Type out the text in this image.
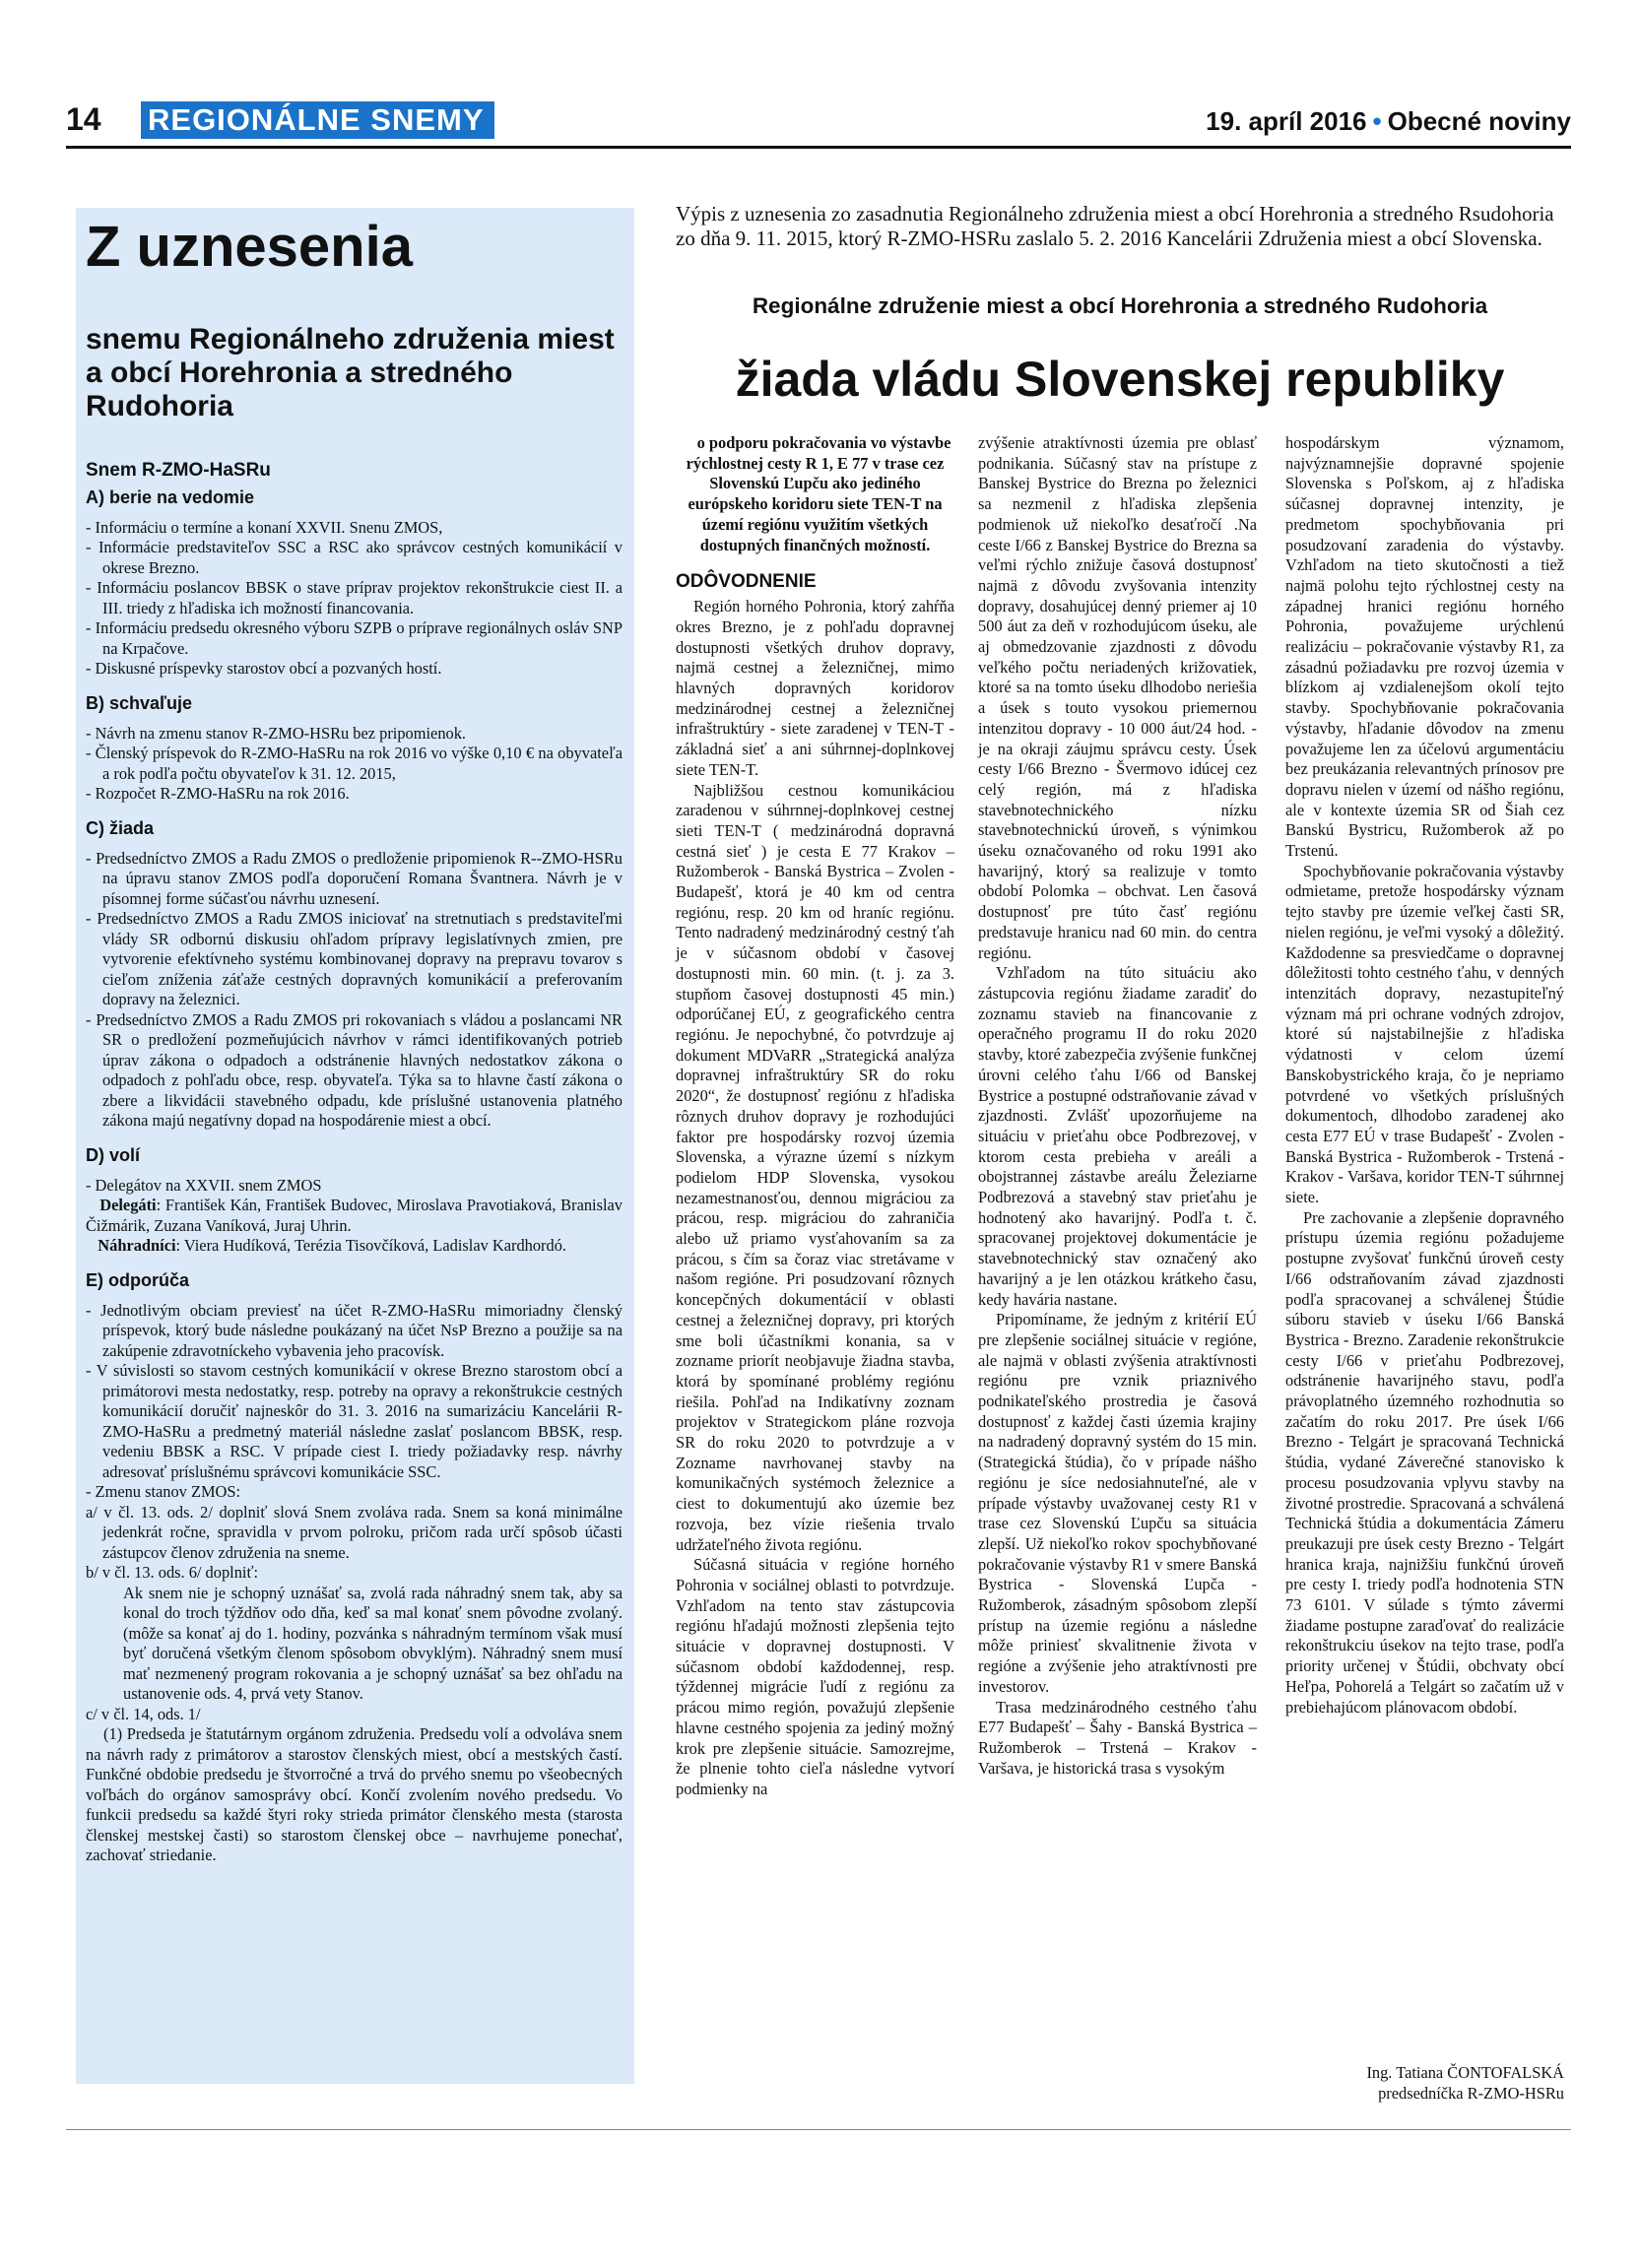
14 REGIONÁLNE SNEMY	19. apríl 2016 • Obecné noviny
Z uznesenia
snemu Regionálneho združenia miest a obcí Horehronia a stredného Rudohoria
Snem R-ZMO-HaSRu
A) berie na vedomie
- Informáciu o termíne a konaní XXVII. Snenu ZMOS,
- Informácie predstaviteľov SSC a RSC ako správcov cestných komunikácií v okrese Brezno.
- Informáciu poslancov BBSK o stave príprav projektov rekonštrukcie ciest II. a III. triedy z hľadiska ich možností financovania.
- Informáciu predsedu okresného výboru SZPB o príprave regionálnych osláv SNP na Krpačove.
- Diskusné príspevky starostov obcí a pozvaných hostí.
B) schvaľuje
- Návrh na zmenu stanov R-ZMO-HSRu bez pripomienok.
- Členský príspevok do R-ZMO-HaSRu na rok 2016 vo výške 0,10 € na obyvateľa a rok podľa počtu obyvateľov k 31. 12. 2015,
- Rozpočet R-ZMO-HaSRu na rok 2016.
C) žiada
- Predsedníctvo ZMOS a Radu ZMOS o predloženie pripomienok R--ZMO-HSRu na úpravu stanov ZMOS podľa doporučení Romana Švantnera. Návrh je v písomnej forme súčasťou návrhu uznesení.
- Predsedníctvo ZMOS a Radu ZMOS iniciovať na stretnutiach s predstaviteľmi vlády SR odbornú diskusiu ohľadom prípravy legislatívnych zmien, pre vytvorenie efektívneho systému kombinovanej dopravy na prepravu tovarov s cieľom zníženia záťaže cestných dopravných komunikácií a preferovaním dopravy na železnici.
- Predsedníctvo ZMOS a Radu ZMOS pri rokovaniach s vládou a poslancami NR SR o predložení pozmeňujúcich návrhov v rámci identifikovaných potrieb úprav zákona o odpadoch a odstránenie hlavných nedostatkov zákona o odpadoch z pohľadu obce, resp. obyvateľa. Týka sa to hlavne častí zákona o zbere a likvidácii stavebného odpadu, kde príslušné ustanovenia platného zákona majú negatívny dopad na hospodárenie miest a obcí.
D) volí
- Delegátov na XXVII. snem ZMOS
Delegáti: František Kán, František Budovec, Miroslava Pravotiaková, Branislav Čižmárik, Zuzana Vaníková, Juraj Uhrin.
Náhradníci: Viera Hudíková, Terézia Tisovčíková, Ladislav Kardhordó.
E) odporúča
- Jednotlivým obciam previesť na účet R-ZMO-HaSRu mimoriadny členský príspevok, ktorý bude následne poukázaný na účet NsP Brezno a použije sa na zakúpenie zdravotníckeho vybavenia jeho pracovísk.
- V súvislosti so stavom cestných komunikácií v okrese Brezno starostom obcí a primátorovi mesta nedostatky, resp. potreby na opravy a rekonštrukcie cestných komunikácií doručiť najneskôr do 31. 3. 2016 na sumarizáciu Kancelárii R-ZMO-HaSRu a predmetný materiál následne zaslať poslancom BBSK, resp. vedeniu BBSK a RSC. V prípade ciest I. triedy požiadavky resp. návrhy adresovať príslušnému správcovi komunikácie SSC.
- Zmenu stanov ZMOS:
a/ v čl. 13. ods. 2/ doplniť slová Snem zvoláva rada. Snem sa koná minimálne jedenkrát ročne, spravidla v prvom polroku, pričom rada určí spôsob účasti zástupcov členov združenia na sneme.
b/ v čl. 13. ods. 6/ doplniť:
Ak snem nie je schopný uznášať sa, zvolá rada náhradný snem tak, aby sa konal do troch týždňov odo dňa, keď sa mal konať snem pôvodne zvolaný.(môže sa konať aj do 1. hodiny, pozvánka s náhradným termínom však musí byť doručená všetkým členom spôsobom obvyklým). Náhradný snem musí mať nezmenený program rokovania a je schopný uznášať sa bez ohľadu na ustanovenie ods. 4, prvá vety Stanov.
c/ v čl. 14, ods. 1/
(1) Predseda je štatutárnym orgánom združenia. Predsedu volí a odvoláva snem na návrh rady z primátorov a starostov členských miest, obcí a mestských častí. Funkčné obdobie predsedu je štvorročné a trvá do prvého snemu po všeobecných voľbách do orgánov samosprávy obcí. Končí zvolením nového predsedu. Vo funkcii predsedu sa každé štyri roky strieda primátor členského mesta (starosta členskej mestskej časti) so starostom členskej obce – navrhujeme ponechať, zachovať striedanie.
Výpis z uznesenia zo zasadnutia Regionálneho združenia miest a obcí Horehronia a stredného Rsudohoria zo dňa 9. 11. 2015, ktorý R-ZMO-HSRu zaslalo 5. 2. 2016 Kancelárii Združenia miest a obcí Slovenska.
Regionálne združenie miest a obcí Horehronia a stredného Rudohoria
žiada vládu Slovenskej republiky

o podporu pokračovania vo výstavbe rýchlostnej cesty R 1, E 77 v trase cez Slovenskú Ľupču ako jediného európskeho koridoru siete TEN-T na území regiónu využitím všetkých dostupných finančných možností.

ODÔVODNENIE

Región horného Pohronia, ktorý zahŕňa okres Brezno, je z pohľadu dopravnej dostupnosti všetkých druhov dopravy, najmä cestnej a železničnej, mimo hlavných dopravných koridorov medzinárodnej cestnej a železničnej infraštruktúry - siete zaradenej v TEN-T - základná sieť a ani súhrnnej-doplnkovej siete TEN-T.

Najbližšou cestnou komunikáciou zaradenou v súhrnnej-doplnkovej cestnej sieti TEN-T ( medzinárodná dopravná cestná sieť ) je cesta E 77 Krakov – Ružomberok - Banská Bystrica – Zvolen - Budapešť, ktorá je 40 km od centra regiónu, resp. 20 km od hraníc regiónu. Tento nadradený medzinárodný cestný ťah je v súčasnom období v časovej dostupnosti min. 60 min. (t. j. za 3. stupňom časovej dostupnosti 45 min.) odporúčanej EÚ, z geografického centra regiónu. Je nepochybné, čo potvrdzuje aj dokument MDVaRR „Strategická analýza dopravnej infraštruktúry SR do roku 2020“, že dostupnosť regiónu z hľadiska rôznych druhov dopravy je rozhodujúci faktor pre hospodársky rozvoj územia Slovenska, a výrazne území s nízkym podielom HDP Slovenska, vysokou nezamestnanosťou, dennou migráciou za prácou, resp. migráciou do zahraničia alebo už priamo vysťahovaním sa za prácou, s čím sa čoraz viac stretávame v našom regióne. Pri posudzovaní rôznych koncepčných dokumentácií v oblasti cestnej a železničnej dopravy, pri ktorých sme boli účastníkmi konania, sa v zozname priorít neobjavuje žiadna stavba, ktorá by spomínané problémy regiónu riešila. Pohľad na Indikatívny zoznam projektov v Strategickom pláne rozvoja SR do roku 2020 to potvrdzuje a v Zozname navrhovanej stavby na komunikačných systémoch železnice a ciest to dokumentujú ako územie bez rozvoja, bez vízie riešenia trvalo udržateľného života regiónu.

Súčasná situácia v regióne horného Pohronia v sociálnej oblasti to potvrdzuje. Vzhľadom na tento stav zástupcovia regiónu hľadajú možnosti zlepšenia tejto situácie v dopravnej dostupnosti. V súčasnom období každodennej, resp. týždennej migrácie ľudí z regiónu za prácou mimo región, považujú zlepšenie hlavne cestného spojenia za jediný možný krok pre zlepšenie situácie. Samozrejme, že plnenie tohto cieľa následne vytvorí podmienky na

zvýšenie atraktívnosti územia pre oblasť podnikania. Súčasný stav na prístupe z Banskej Bystrice do Brezna po železnici sa nezmenil z hľadiska zlepšenia podmienok už niekoľko desaťročí .Na ceste I/66 z Banskej Bystrice do Brezna sa veľmi rýchlo znižuje časová dostupnosť najmä z dôvodu zvyšovania intenzity dopravy, dosahujúcej denný priemer aj 10 500 áut za deň v rozhodujúcom úseku, ale aj obmedzovanie zjazdnosti z dôvodu veľkého počtu neriadených križovatiek, ktoré sa na tomto úseku dlhodobo neriešia a úsek s touto vysokou priemernou intenzitou dopravy - 10 000 áut/24 hod. - je na okraji záujmu správcu cesty. Úsek cesty I/66 Brezno - Švermovo idúcej cez celý región, má z hľadiska stavebnotechnického nízku stavebnotechnickú úroveň, s výnimkou úseku označovaného od roku 1991 ako havarijný, ktorý sa realizuje v tomto období Polomka – obchvat. Len časová dostupnosť pre túto časť regiónu predstavuje hranicu nad 60 min. do centra regiónu.

Vzhľadom na túto situáciu ako zástupcovia regiónu žiadame zaradiť do zoznamu stavieb na financovanie z operačného programu II do roku 2020 stavby, ktoré zabezpečia zvýšenie funkčnej úrovni celého ťahu I/66 od Banskej Bystrice a postupné odstraňovanie závad v zjazdnosti. Zvlášť upozorňujeme na situáciu v prieťahu obce Podbrezovej, v ktorom cesta prebieha v areáli a obojstrannej zástavbe areálu Železiarne Podbrezová a stavebný stav prieťahu je hodnotený ako havarijný. Podľa t. č. spracovanej projektovej dokumentácie je stavebnotechnický stav označený ako havarijný a je len otázkou krátkeho času, kedy havária nastane.

Pripomíname, že jedným z kritérií EÚ pre zlepšenie sociálnej situácie v regióne, ale najmä v oblasti zvýšenia atraktívnosti regiónu pre vznik priaznivého podnikateľského prostredia je časová dostupnosť z každej časti územia krajiny na nadradený dopravný systém do 15 min. (Strategická štúdia), čo v prípade nášho regiónu je síce nedosiahnuteľné, ale v prípade výstavby uvažovanej cesty R1 v trase cez Slovenskú Ľupču sa situácia zlepší. Už niekoľko rokov spochybňované pokračovanie výstavby R1 v smere Banská Bystrica - Slovenská Ľupča - Ružomberok, zásadným spôsobom zlepší prístup na územie regiónu a následne môže priniesť skvalitnenie života v regióne a zvýšenie jeho atraktívnosti pre investorov.

Trasa medzinárodného cestného ťahu E77 Budapešť – Šahy - Banská Bystrica – Ružomberok – Trstená – Krakov - Varšava, je historická trasa s vysokým

hospodárskym významom, najvýznamnejšie dopravné spojenie Slovenska s Poľskom, aj z hľadiska súčasnej dopravnej intenzity, je predmetom spochybňovania pri posudzovaní zaradenia do výstavby. Vzhľadom na tieto skutočnosti a tiež najmä polohu tejto rýchlostnej cesty na západnej hranici regiónu horného Pohronia, považujeme urýchlenú realizáciu – pokračovanie výstavby R1, za zásadnú požiadavku pre rozvoj územia v blízkom aj vzdialenejšom okolí tejto stavby. Spochybňovanie pokračovania výstavby, hľadanie dôvodov na zmenu považujeme len za účelovú argumentáciu bez preukázania relevantných prínosov pre dopravu nielen v území od nášho regiónu, ale v kontexte územia SR od Šiah cez Banskú Bystricu, Ružomberok až po Trstenú.

Spochybňovanie pokračovania výstavby odmietame, pretože hospodársky význam tejto stavby pre územie veľkej časti SR, nielen regiónu, je veľmi vysoký a dôležitý. Každodenne sa presviedčame o dopravnej dôležitosti tohto cestného ťahu, v denných intenzitách dopravy, nezastupiteľný význam má pri ochrane vodných zdrojov, ktoré sú najstabilnejšie z hľadiska výdatnosti v celom území Banskobystrického kraja, čo je nepriamo potvrdené vo všetkých príslušných dokumentoch, dlhodobo zaradenej ako cesta E77 EÚ v trase Budapešť - Zvolen - Banská Bystrica - Ružomberok - Trstená - Krakov - Varšava, koridor TEN-T súhrnnej siete.

Pre zachovanie a zlepšenie dopravného prístupu územia regiónu požadujeme postupne zvyšovať funkčnú úroveň cesty I/66 odstraňovaním závad zjazdnosti podľa spracovanej a schválenej Štúdie súboru stavieb v úseku I/66 Banská Bystrica - Brezno. Zaradenie rekonštrukcie cesty I/66 v prieťahu Podbrezovej, odstránenie havarijného stavu, podľa právoplatného územného rozhodnutia so začatím do roku 2017. Pre úsek I/66 Brezno - Telgárt je spracovaná Technická štúdia, vydané Záverečné stanovisko k procesu posudzovania vplyvu stavby na životné prostredie. Spracovaná a schválená Technická štúdia a dokumentácia Zámeru preukazuji pre úsek cesty Brezno - Telgárt hranica kraja, najnižšiu funkčnú úroveň pre cesty I. triedy podľa hodnotenia STN 73 6101. V súlade s týmto závermi žiadame postupne zaraďovať do realizácie rekonštrukciu úsekov na tejto trase, podľa priority určenej v Štúdii, obchvaty obcí Heľpa, Pohorelá a Telgárt so začatím už v prebiehajúcom plánovacom období.

Ing. Tatiana ČONTOFALSKÁ
predsedníčka R-ZMO-HSRu
